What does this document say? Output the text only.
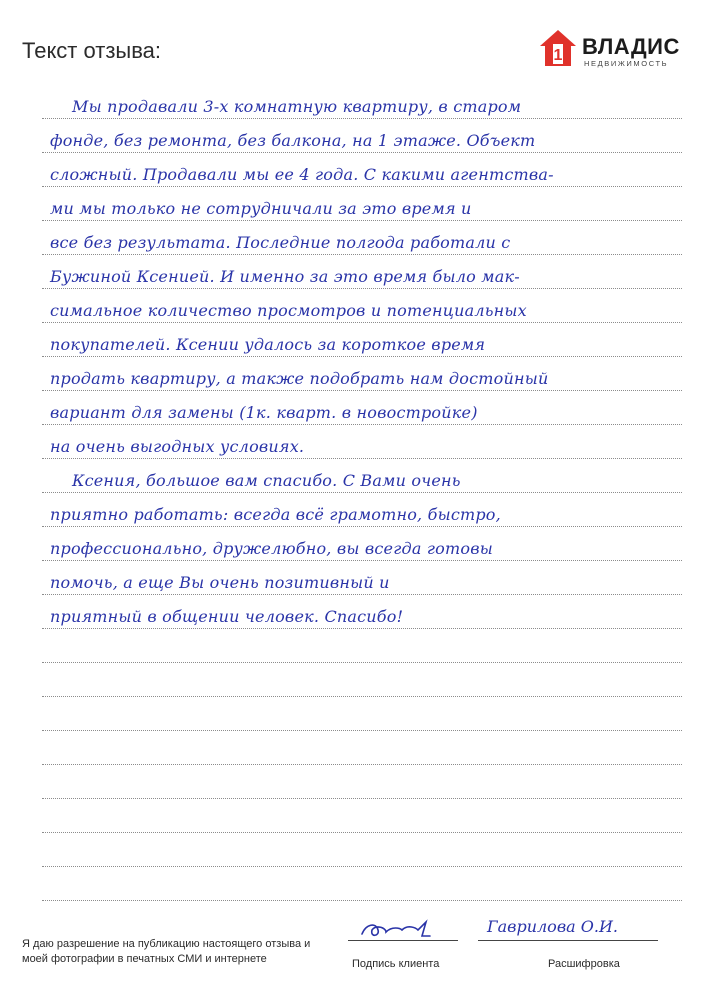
Текст отзыва:	1 ВЛАДИС
НЕДВИЖИМОСТЬ
Мы продавали 3-х комнатную квартиру, в старом
фонде, без ремонта, без балкона, на 1 этаже. Объект
сложный. Продавали мы ее 4 года. С какими агентства-
ми мы только не сотрудничали за это время и
все без результата. Последние полгода работали с
Бужиной Ксенией. И именно за это время было мак-
симальное количество просмотров и потенциальных
покупателей. Ксении удалось за короткое время
продать квартиру, а также подобрать нам достойный
вариант для замены (1к. кварт. в новостройке)
на очень выгодных условиях.
Ксения, большое вам спасибо. С Вами очень
приятно работать: всегда всё грамотно, быстро,
профессионально, дружелюбно, вы всегда готовы
помочь, а еще Вы очень позитивный и
приятный в общении человек. Спасибо!
Я даю разрешение на публикацию настоящего отзыва и моей фотографии в печатных СМИ и интернете
Гаврилова О.И.
Подпись клиента	Расшифровка
